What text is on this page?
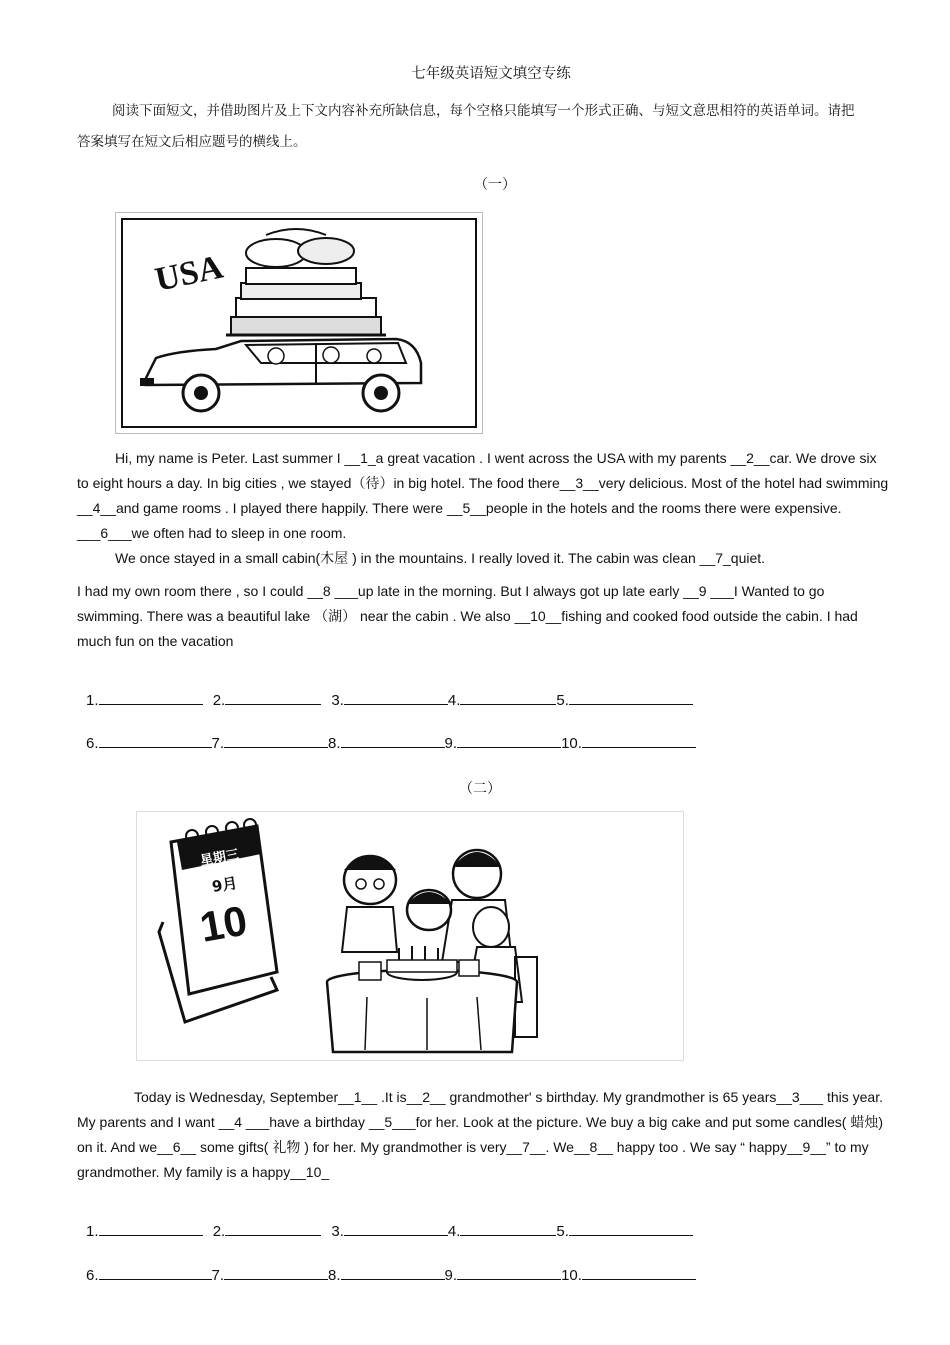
七年级英语短文填空专练
阅读下面短文，并借助图片及上下文内容补充所缺信息，每个空格只能填写一个形式正确、与短文意思相符的英语单词。请把答案填写在短文后相应题号的横线上。
（一）
USA

Hi, my name is Peter. Last summer I __1_a great vacation . I went across the USA with my parents __2__car. We drove six to eight hours a day. In big cities , we stayed（待）in big hotel. The food there__3__very delicious. Most of the hotel had swimming __4__and game rooms . I played there happily. There were __5__people in the hotels and the rooms there were expensive. ___6___we often had to sleep in one room.

We once stayed in a small cabin(木屋 ) in the mountains. I really loved it. The cabin was clean __7_quiet.

I had my own room there , so I could __8 ___up late in the morning. But I always got up late early __9 ___I Wanted to go swimming. There was a beautiful lake （湖） near the cabin . We also __10__fishing and cooked food outside the cabin. I had much fun on the vacation

1.	2.	3.	4.	5.
6.	7.	8.	9.	10.
（二）
星期三
9月
10

Today is Wednesday, September__1__ .It is__2__ grandmother' s birthday. My grandmother is 65 years__3___ this year. My parents and I want __4 ___have a birthday __5___for her. Look at the picture. We buy a big cake and put some candles( 蜡烛) on it. And we__6__ some gifts( 礼物 ) for her. My grandmother is very__7__. We__8__ happy too . We say “ happy__9__” to my grandmother. My family is a happy__10_

1.	2.	3.	4.	5.
6.	7.	8.	9.	10.
